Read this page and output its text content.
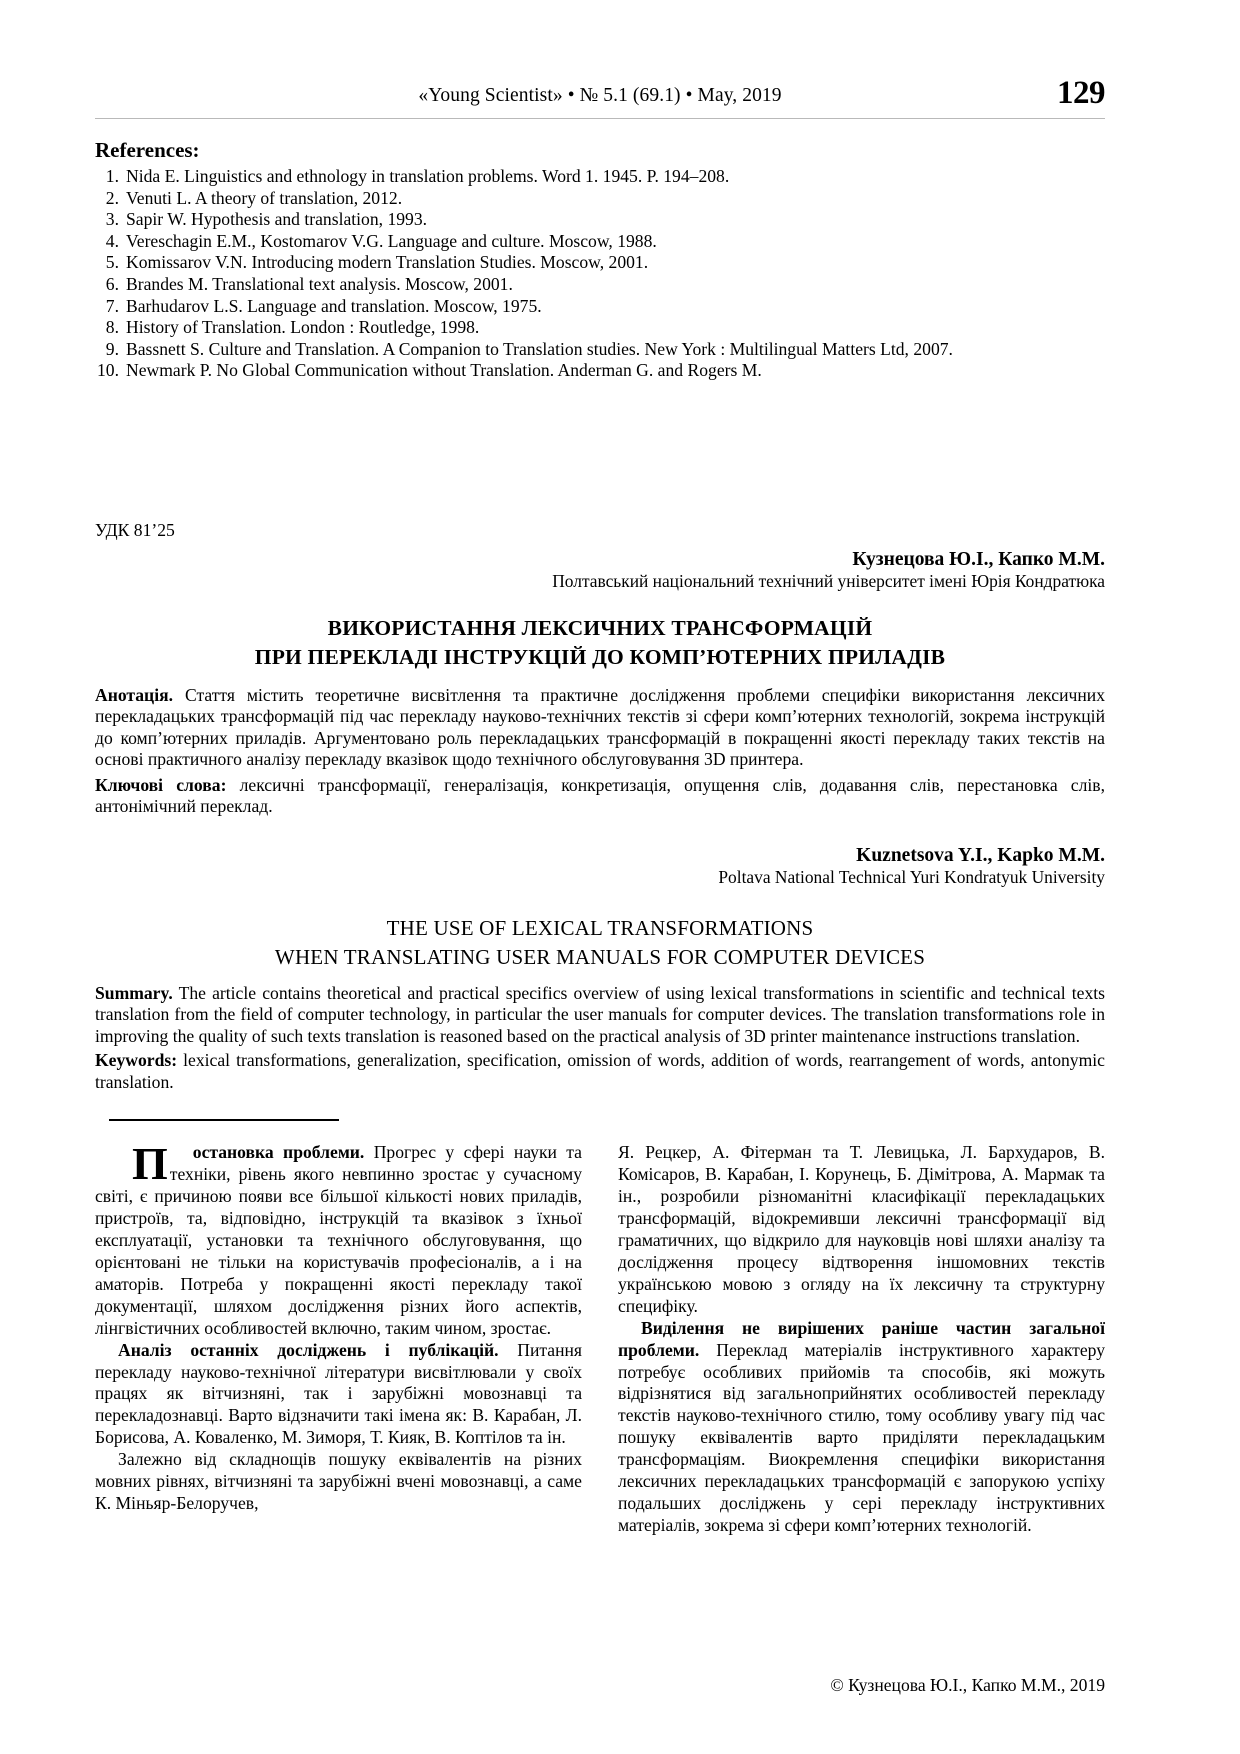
«Young Scientist» • № 5.1 (69.1) • May, 2019	129
References:
1. Nida E. Linguistics and ethnology in translation problems. Word 1. 1945. P. 194–208.
2. Venuti L. A theory of translation, 2012.
3. Sapir W. Hypothesis and translation, 1993.
4. Vereschagin E.M., Kostomarov V.G. Language and culture. Moscow, 1988.
5. Komissarov V.N. Introducing modern Translation Studies. Moscow, 2001.
6. Brandes M. Translational text analysis. Moscow, 2001.
7. Barhudarov L.S. Language and translation. Moscow, 1975.
8. History of Translation. London : Routledge, 1998.
9. Bassnett S. Culture and Translation. A Companion to Translation studies. New York : Multilingual Matters Ltd, 2007.
10. Newmark P. No Global Communication without Translation. Anderman G. and Rogers M.
УДК 81’25
Кузнецова Ю.І., Капко М.М.
Полтавський національний технічний університет імені Юрія Кондратюка
ВИКОРИСТАННЯ ЛЕКСИЧНИХ ТРАНСФОРМАЦІЙ
ПРИ ПЕРЕКЛАДІ ІНСТРУКЦІЙ ДО КОМП’ЮТЕРНИХ ПРИЛАДІВ
Анотація. Стаття містить теоретичне висвітлення та практичне дослідження проблеми специфіки використання лексичних перекладацьких трансформацій під час перекладу науково-технічних текстів зі сфери комп’ютерних технологій, зокрема інструкцій до комп’ютерних приладів. Аргументовано роль перекладацьких трансформацій в покращенні якості перекладу таких текстів на основі практичного аналізу перекладу вказівок щодо технічного обслуговування 3D принтера.
Ключові слова: лексичні трансформації, генералізація, конкретизація, опущення слів, додавання слів, перестановка слів, антонімічний переклад.
Kuznetsova Y.I., Kapko M.M.
Poltava National Technical Yuri Kondratyuk University
THE USE OF LEXICAL TRANSFORMATIONS
WHEN TRANSLATING USER MANUALS FOR COMPUTER DEVICES
Summary. The article contains theoretical and practical specifics overview of using lexical transformations in scientific and technical texts translation from the field of computer technology, in particular the user manuals for computer devices. The translation transformations role in improving the quality of such texts translation is reasoned based on the practical analysis of 3D printer maintenance instructions translation.
Keywords: lexical transformations, generalization, specification, omission of words, addition of words, rearrangement of words, antonymic translation.

П остановка проблеми. Прогрес у сфері науки та техніки, рівень якого невпинно зростає у сучасному світі, є причиною появи все більшої кількості нових приладів, пристроїв, та, відповідно, інструкцій та вказівок з їхньої експлуатації, установки та технічного обслуговування, що орієнтовані не тільки на користувачів професіоналів, а і на аматорів. Потреба у покращенні якості перекладу такої документації, шляхом дослідження різних його аспектів, лінгвістичних особливостей включно, таким чином, зростає.

Аналіз останніх досліджень і публікацій. Питання перекладу науково-технічної літератури висвітлювали у своїх працях як вітчизняні, так і зарубіжні мовознавці та перекладознавці. Варто відзначити такі імена як: В. Карабан, Л. Борисова, А. Коваленко, М. Зиморя, Т. Кияк, В. Коптілов та ін.

Залежно від складнощів пошуку еквівалентів на різних мовних рівнях, вітчизняні та зарубіжні вчені мовознавці, а саме К. Міньяр-Белоручев,

Я. Рецкер, А. Фітерман та Т. Левицька, Л. Бархударов, В. Комісаров, В. Карабан, І. Корунець, Б. Дімітрова, А. Мармак та ін., розробили різноманітні класифікації перекладацьких трансформацій, відокремивши лексичні трансформації від граматичних, що відкрило для науковців нові шляхи аналізу та дослідження процесу відтворення іншомовних текстів українською мовою з огляду на їх лексичну та структурну специфіку.

Виділення не вирішених раніше частин загальної проблеми. Переклад матеріалів інструктивного характеру потребує особливих прийомів та способів, які можуть відрізнятися від загальноприйнятих особливостей перекладу текстів науково-технічного стилю, тому особливу увагу під час пошуку еквівалентів варто приділяти перекладацьким трансформаціям. Виокремлення специфіки використання лексичних перекладацьких трансформацій є запорукою успіху подальших досліджень у сері перекладу інструктивних матеріалів, зокрема зі сфери комп’ютерних технологій.

© Кузнецова Ю.І., Капко М.М., 2019
